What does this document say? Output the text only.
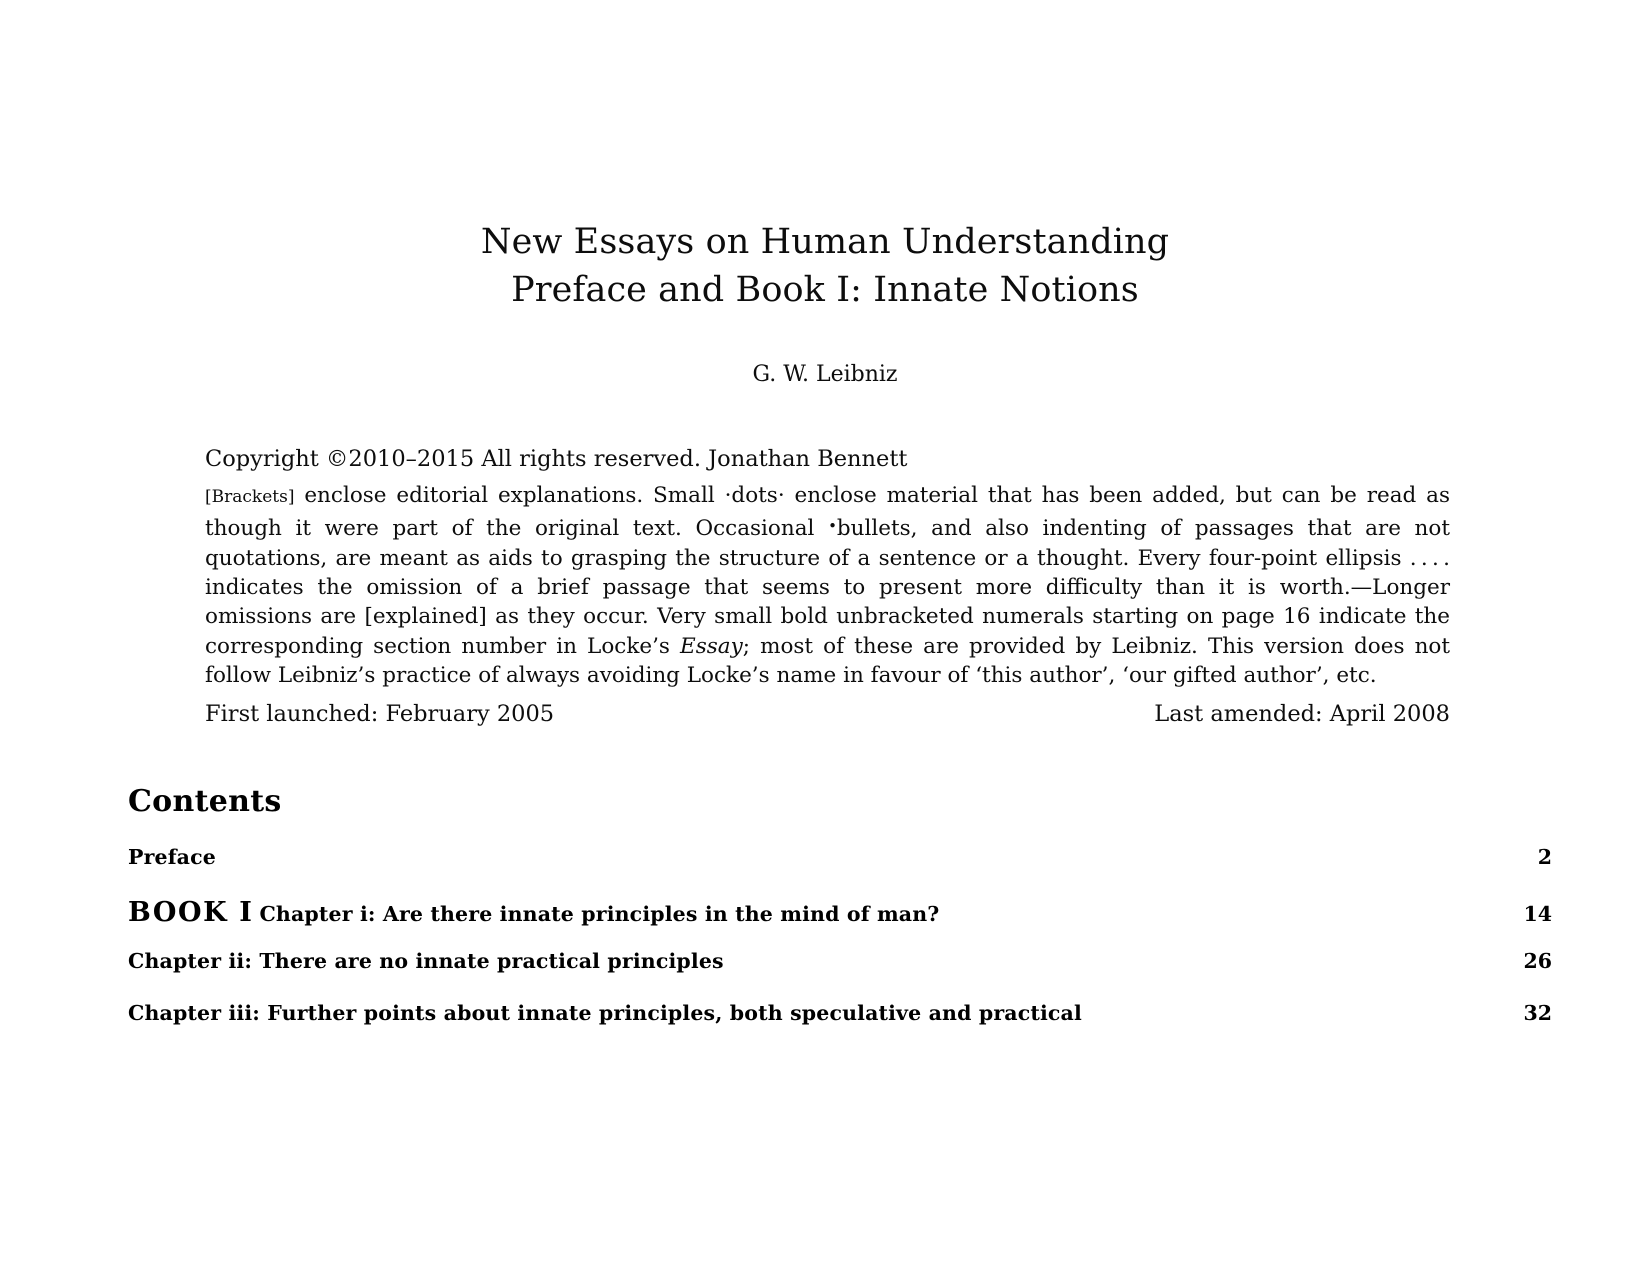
New Essays on Human Understanding
Preface and Book I: Innate Notions
G. W. Leibniz
Copyright ©2010–2015 All rights reserved. Jonathan Bennett
[Brackets] enclose editorial explanations. Small ·dots· enclose material that has been added, but can be read as though it were part of the original text. Occasional •bullets, and also indenting of passages that are not quotations, are meant as aids to grasping the structure of a sentence or a thought. Every four-point ellipsis . . . . indicates the omission of a brief passage that seems to present more difficulty than it is worth.—Longer omissions are [explained] as they occur. Very small bold unbracketed numerals starting on page 16 indicate the corresponding section number in Locke’s Essay; most of these are provided by Leibniz. This version does not follow Leibniz’s practice of always avoiding Locke’s name in favour of ‘this author’, ‘our gifted author’, etc.
First launched: February 2005	Last amended: April 2008
Contents
Preface	2
BOOK I Chapter i: Are there innate principles in the mind of man?	14
Chapter ii: There are no innate practical principles	26
Chapter iii: Further points about innate principles, both speculative and practical	32
